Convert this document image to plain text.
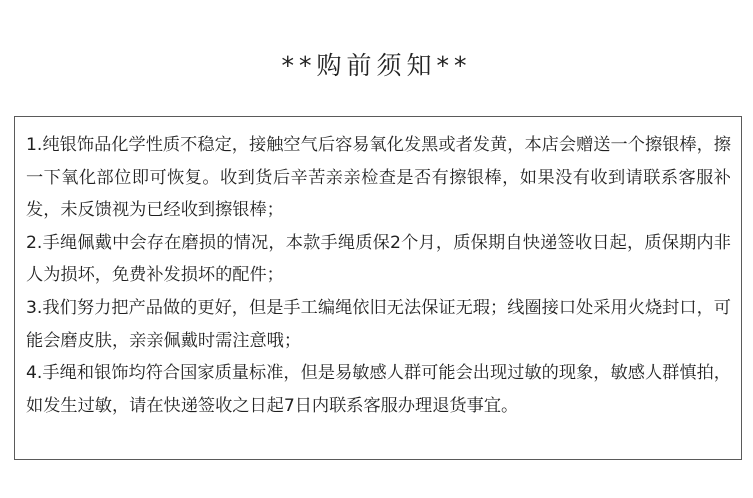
**购前须知**
1.纯银饰品化学性质不稳定，接触空气后容易氧化发黑或者发黄，本店会赠送一个擦银棒，擦一下氧化部位即可恢复。收到货后辛苦亲亲检查是否有擦银棒，如果没有收到请联系客服补发，未反馈视为已经收到擦银棒；
2.手绳佩戴中会存在磨损的情况，本款手绳质保2个月，质保期自快递签收日起，质保期内非人为损坏，免费补发损坏的配件；
3.我们努力把产品做的更好，但是手工编绳依旧无法保证无瑕；线圈接口处采用火烧封口，可能会磨皮肤，亲亲佩戴时需注意哦；
4.手绳和银饰均符合国家质量标准，但是易敏感人群可能会出现过敏的现象，敏感人群慎拍，如发生过敏，请在快递签收之日起7日内联系客服办理退货事宜。
